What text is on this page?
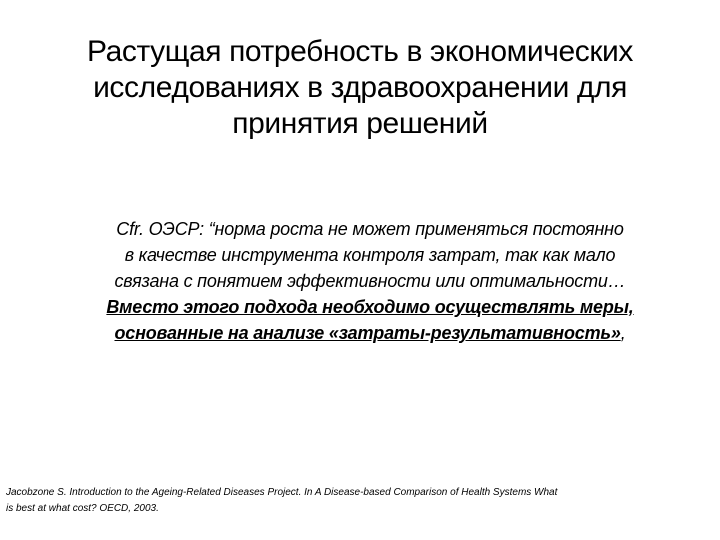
Растущая потребность в экономических
исследованиях в здравоохранении для
принятия решений
Cfr. ОЭСР: “норма роста не может применяться постоянно
в качестве инструмента контроля затрат, так как мало
связана с понятием эффективности или оптимальности…
Вместо этого подхода необходимо осуществлять меры,
основанные на анализе «затраты-результативность»,
Jacobzone S. Introduction to the Ageing-Related Diseases Project. In A Disease-based Comparison of Health Systems What
is best at what cost? OECD, 2003.
